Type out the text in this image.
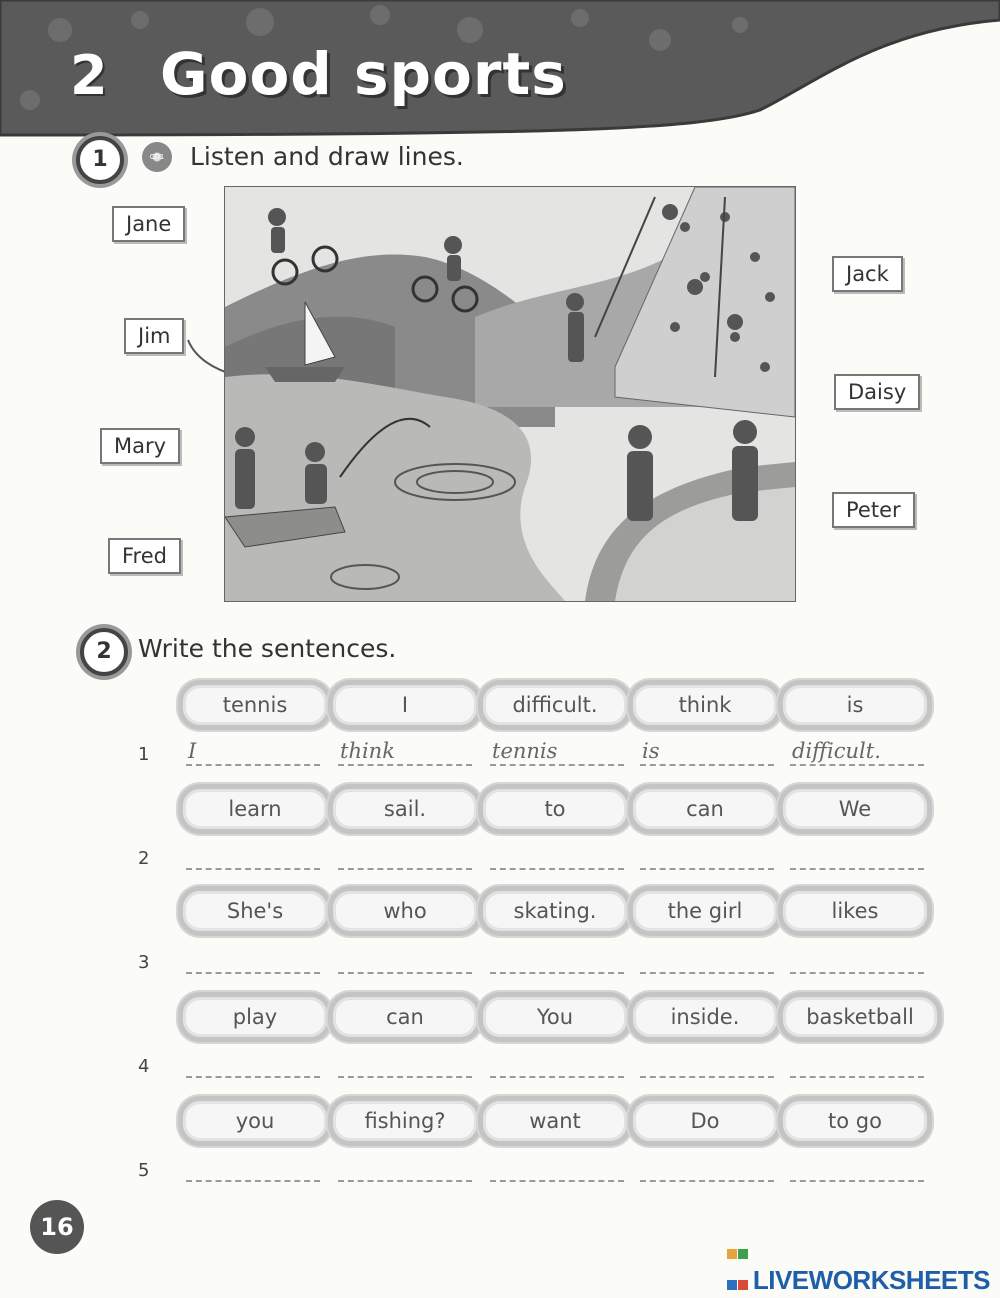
2 Good sports
1	CD1	Listen and draw lines.
Jane
Jim
Mary
Fred
Jack
Daisy
Peter
2	Write the sentences.
tennis	I	difficult.	think	is
1 I	think	tennis	is	difficult.
learn	sail.	to	can	We
2
She's	who	skating.	the girl	likes
3
play	can	You	inside.	basketball
4
you	fishing?	want	Do	to go
5
16

LIVEWORKSHEETS
